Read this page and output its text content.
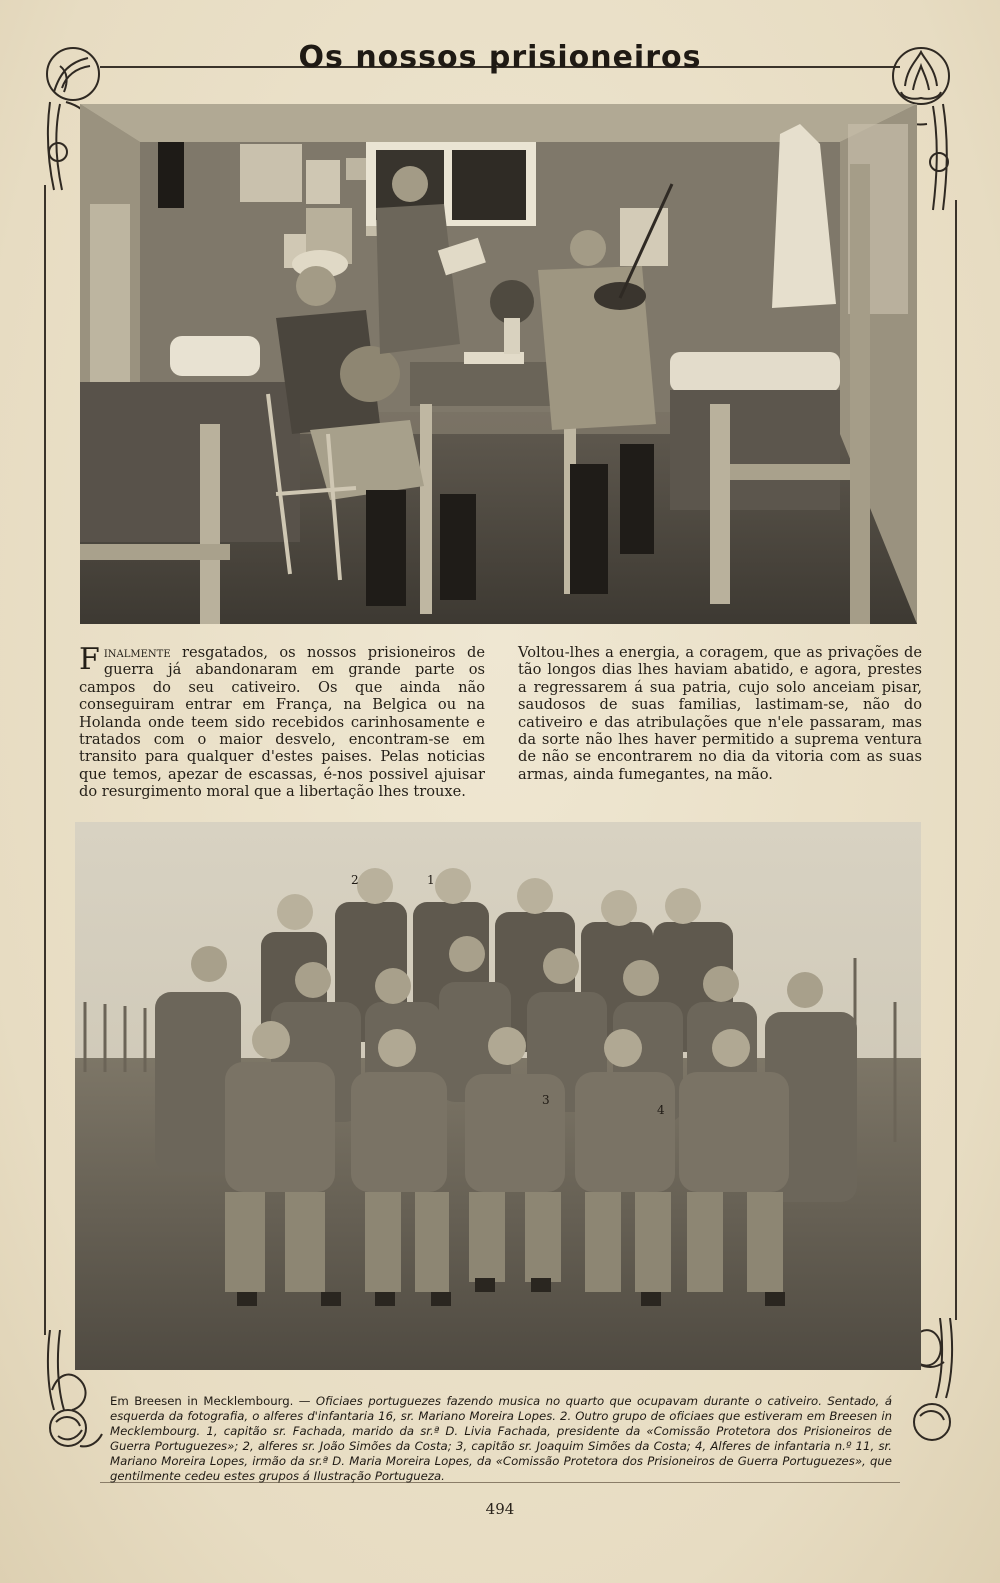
Os nossos prisioneiros

Finalmente resgatados, os nossos prisioneiros de guerra já abandonaram em grande parte os campos do seu cativeiro. Os que ainda não conseguiram entrar em França, na Belgica ou na Holanda onde teem sido recebidos carinhosamente e tratados com o maior desvelo, encontram-se em transito para qualquer d'estes paises. Pelas noticias que temos, apezar de escassas, é-nos possivel ajuisar do resurgimento moral que a libertação lhes trouxe.

Voltou-lhes a energia, a coragem, que as privações de tão longos dias lhes haviam abatido, e agora, prestes a regressarem á sua patria, cujo solo anceiam pisar, saudosos de suas familias, lastimam-se, não do cativeiro e das atribulações que n'ele passaram, mas da sorte não lhes haver permitido a suprema ventura de não se encontrarem no dia da vitoria com as suas armas, ainda fumegantes, na mão.

2	1
3
4
Em Breesen in Mecklembourg. — Oficiaes portuguezes fazendo musica no quarto que ocupavam durante o cativeiro. Sentado, á esquerda da fotografia, o alferes d'infantaria 16, sr. Mariano Moreira Lopes. 2. Outro grupo de oficiaes que estiveram em Breesen in Mecklembourg. 1, capitão sr. Fachada, marido da sr.ª D. Livia Fachada, presidente da «Comissão Protetora dos Prisioneiros de Guerra Portuguezes»; 2, alferes sr. João Simões da Costa; 3, capitão sr. Joaquim Simões da Costa; 4, Alferes de infantaria n.º 11, sr. Mariano Moreira Lopes, irmão da sr.ª D. Maria Moreira Lopes, da «Comissão Protetora dos Prisioneiros de Guerra Portuguezes», que gentilmente cedeu estes grupos á Ilustração Portugueza.
494
